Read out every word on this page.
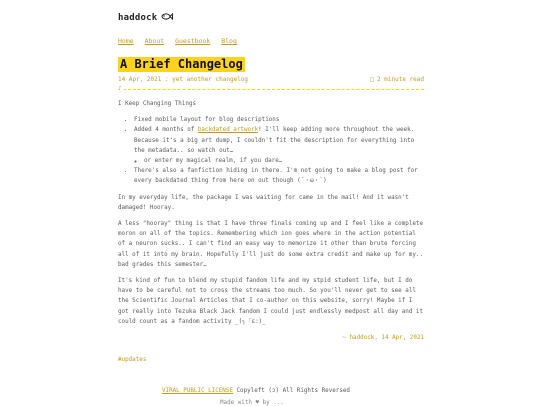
haddock
Home About Guestbook Blog
A Brief Changelog
14 Apr, 2021 : yet another changelog
□	2 minute read
♪

I Keep Changing Things

• Fixed mobile layout for blog descriptions
• Added 4 months of backdated artwork! I'll keep adding more throughout the week. Because it's a big art dump, I couldn't fit the description for everything into the metadata.. so watch out…
◦ or enter my magical realm, if you dare…
• There's also a fanfiction hiding in there. I'm not going to make a blog post for every backdated thing from here on out though (´・ω・`)

In my everyday life, the package I was waiting for came in the mail! And it wasn't damaged! Hooray.

A less "hooray" thing is that I have three finals coming up and I feel like a complete moron on all of the topics. Remembering which ion goes where in the action potential of a neuron sucks.. I can't find an easy way to memorize it other than brute forcing all of it into my brain. Hopefully I'll just do some extra credit and make up for my.. bad grades this semester…

It's kind of fun to blend my stupid fandom life and my stpid student life, but I do have to be careful not to cross the streams too much. So you'll never get to see all the Scientific Journal Articles that I co-author on this website, sorry! Maybe if I got really into Tezuka Black Jack fandom I could just endlessly medpost all day and it could count as a fandom activity _(┐「ε:)_

~ haddock, 14 Apr, 2021
#updates
VIRAL PUBLIC LICENSE Copyleft (ɔ) All Rights Reversed
Made with ♥ by ...
